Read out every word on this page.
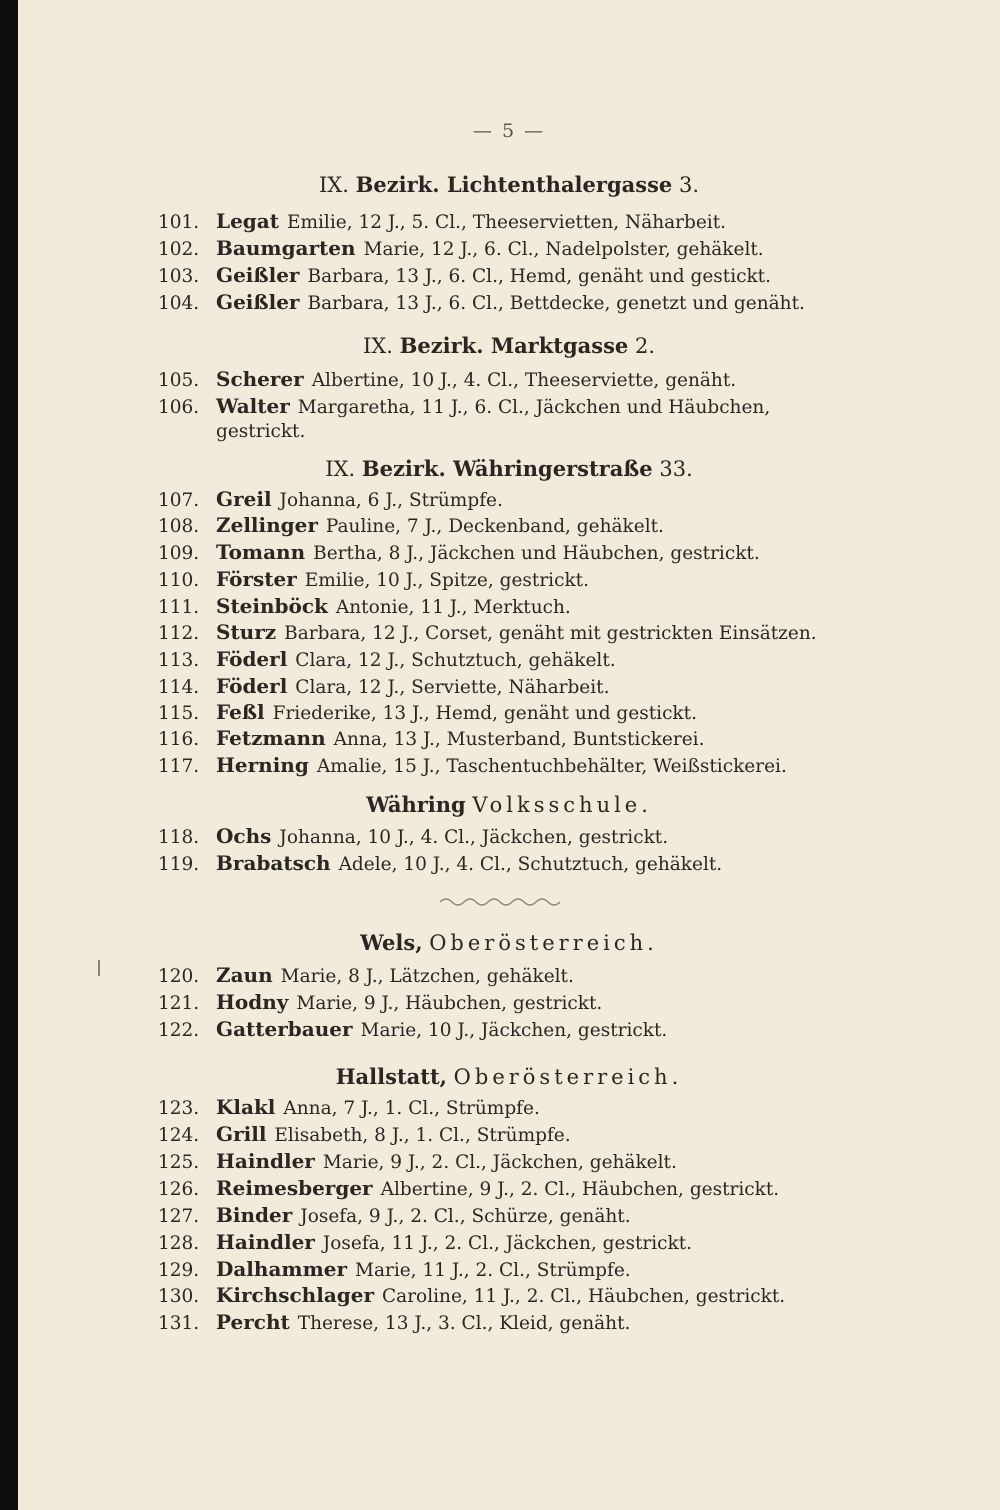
— 5 —
IX. Bezirk. Lichtenthalergasse 3.
101. Legat Emilie, 12 J., 5. Cl., Theeservietten, Näharbeit.
102. Baumgarten Marie, 12 J., 6. Cl., Nadelpolster, gehäkelt.
103. Geißler Barbara, 13 J., 6. Cl., Hemd, genäht und gestickt.
104. Geißler Barbara, 13 J., 6. Cl., Bettdecke, genetzt und genäht.
IX. Bezirk. Marktgasse 2.
105. Scherer Albertine, 10 J., 4. Cl., Theeserviette, genäht.
106. Walter Margaretha, 11 J., 6. Cl., Jäckchen und Häubchen,
gestrickt.
IX. Bezirk. Währingerstraße 33.
107. Greil Johanna, 6 J., Strümpfe.
108. Zellinger Pauline, 7 J., Deckenband, gehäkelt.
109. Tomann Bertha, 8 J., Jäckchen und Häubchen, gestrickt.
110. Förster Emilie, 10 J., Spitze, gestrickt.
111. Steinböck Antonie, 11 J., Merktuch.
112. Sturz Barbara, 12 J., Corset, genäht mit gestrickten Einsätzen.
113. Föderl Clara, 12 J., Schutztuch, gehäkelt.
114. Föderl Clara, 12 J., Serviette, Näharbeit.
115. Feßl Friederike, 13 J., Hemd, genäht und gestickt.
116. Fetzmann Anna, 13 J., Musterband, Buntstickerei.
117. Herning Amalie, 15 J., Taschentuchbehälter, Weißstickerei.
Währing Volksschule.
118. Ochs Johanna, 10 J., 4. Cl., Jäckchen, gestrickt.
119. Brabatsch Adele, 10 J., 4. Cl., Schutztuch, gehäkelt.
Wels, Oberösterreich.
120. Zaun Marie, 8 J., Lätzchen, gehäkelt.
121. Hodny Marie, 9 J., Häubchen, gestrickt.
122. Gatterbauer Marie, 10 J., Jäckchen, gestrickt.
Hallstatt, Oberösterreich.
123. Klakl Anna, 7 J., 1. Cl., Strümpfe.
124. Grill Elisabeth, 8 J., 1. Cl., Strümpfe.
125. Haindler Marie, 9 J., 2. Cl., Jäckchen, gehäkelt.
126. Reimesberger Albertine, 9 J., 2. Cl., Häubchen, gestrickt.
127. Binder Josefa, 9 J., 2. Cl., Schürze, genäht.
128. Haindler Josefa, 11 J., 2. Cl., Jäckchen, gestrickt.
129. Dalhammer Marie, 11 J., 2. Cl., Strümpfe.
130. Kirchschlager Caroline, 11 J., 2. Cl., Häubchen, gestrickt.
131. Percht Therese, 13 J., 3. Cl., Kleid, genäht.
